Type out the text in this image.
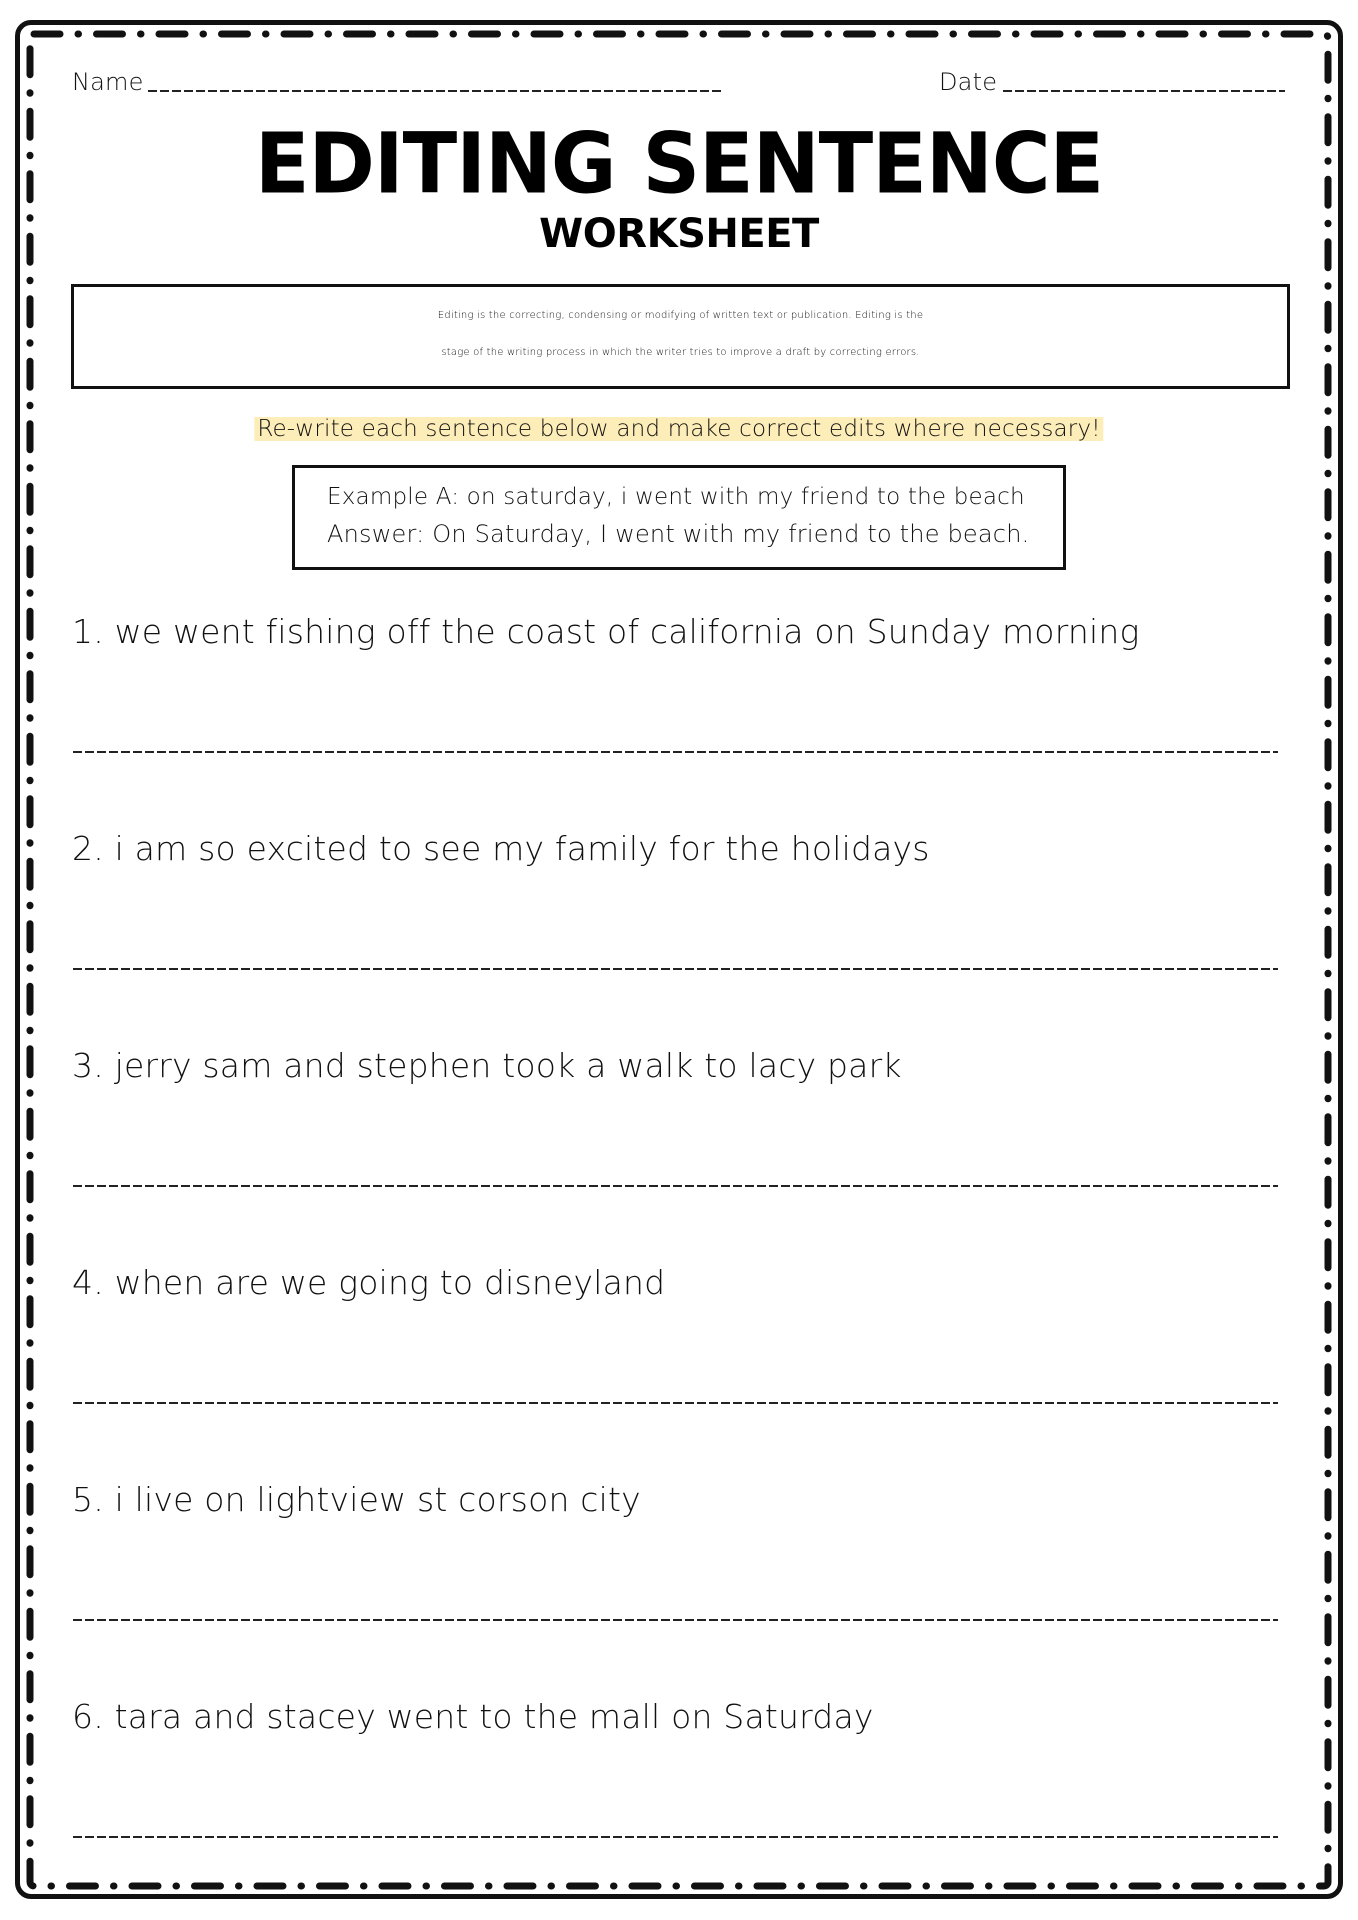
Name	Date
EDITING SENTENCE
WORKSHEET
Editing is the correcting, condensing or modifying of written text or publication. Editing is the
stage of the writing process in which the writer tries to improve a draft by correcting errors.
Re-write each sentence below and make correct edits where necessary!
Example A: on saturday, i went with my friend to the beach
Answer: On Saturday, I went with my friend to the beach.
1. we went fishing off the coast of california on Sunday morning
2. i am so excited to see my family for the holidays
3. jerry sam and stephen took a walk to lacy park
4. when are we going to disneyland
5. i live on lightview st corson city
6. tara and stacey went to the mall on Saturday
